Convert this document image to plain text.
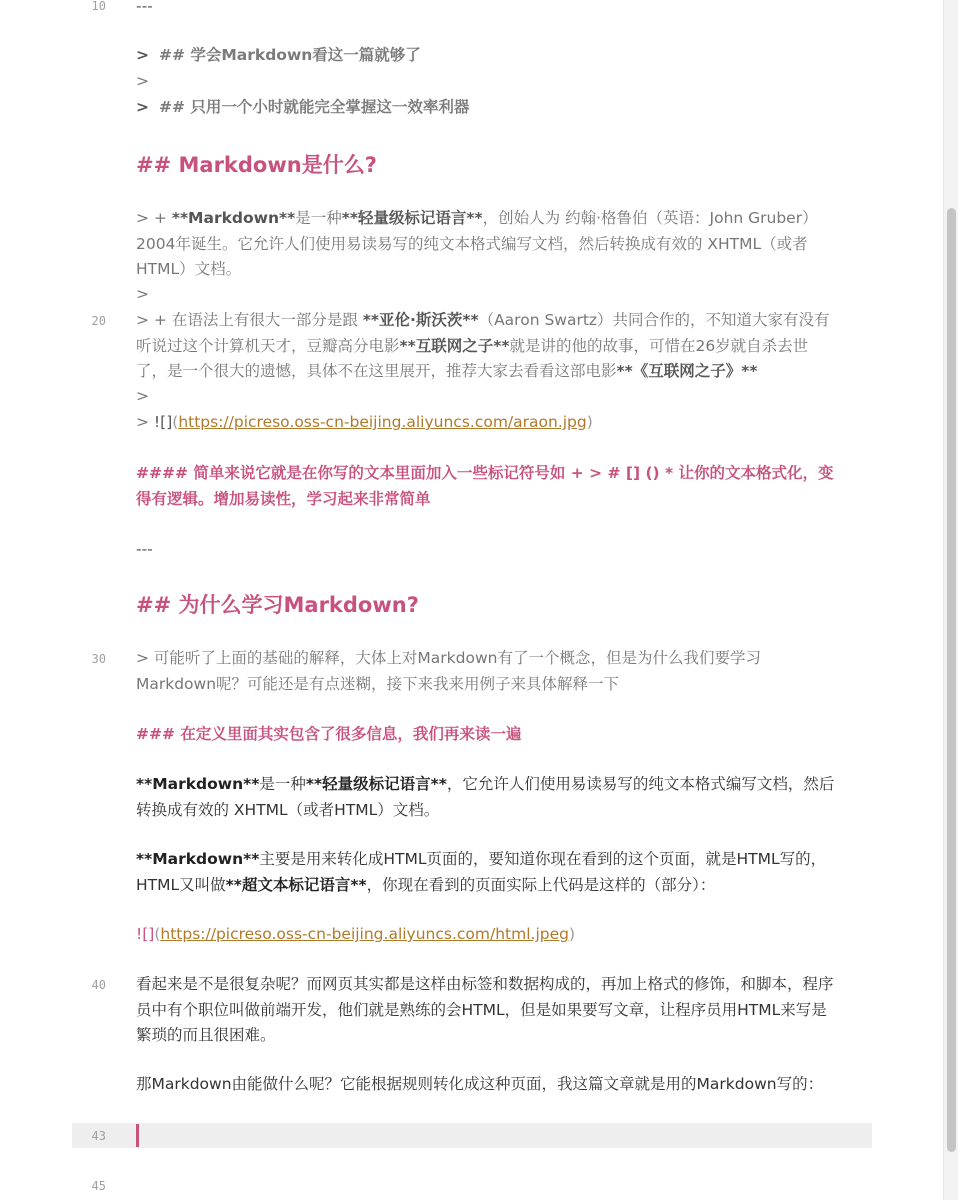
10 ---
> ## 学会Markdown看这一篇就够了
>
> ## 只用一个小时就能完全掌握这一效率利器
## Markdown是什么?
> + **Markdown**是一种**轻量级标记语言**，创始人为 约翰·格鲁伯（英语：John Gruber）2004年诞生。它允许人们使用易读易写的纯文本格式编写文档，然后转换成有效的 XHTML（或者HTML）文档。
>
20 > + 在语法上有很大一部分是跟 **亚伦·斯沃茨**（Aaron Swartz）共同合作的，不知道大家有没有听说过这个计算机天才，豆瓣高分电影**互联网之子**就是讲的他的故事，可惜在26岁就自杀去世了，是一个很大的遗憾，具体不在这里展开，推荐大家去看看这部电影**《互联网之子》**
>
> ![](https://picreso.oss-cn-beijing.aliyuncs.com/araon.jpg)
#### 简单来说它就是在你写的文本里面加入一些标记符号如 + > # [] () * 让你的文本格式化，变得有逻辑。增加易读性，学习起来非常简单
---
## 为什么学习Markdown?
30 > 可能听了上面的基础的解释，大体上对Markdown有了一个概念，但是为什么我们要学习Markdown呢？可能还是有点迷糊，接下来我来用例子来具体解释一下
### 在定义里面其实包含了很多信息，我们再来读一遍
**Markdown**是一种**轻量级标记语言**，它允许人们使用易读易写的纯文本格式编写文档，然后转换成有效的 XHTML（或者HTML）文档。
**Markdown**主要是用来转化成HTML页面的，要知道你现在看到的这个页面，就是HTML写的，HTML又叫做**超文本标记语言**，你现在看到的页面实际上代码是这样的（部分）：
![](https://picreso.oss-cn-beijing.aliyuncs.com/html.jpeg)
40 看起来是不是很复杂呢？而网页其实都是这样由标签和数据构成的，再加上格式的修饰，和脚本，程序员中有个职位叫做前端开发，他们就是熟练的会HTML，但是如果要写文章，让程序员用HTML来写是繁琐的而且很困难。
那Markdown由能做什么呢？它能根据规则转化成这种页面，我这篇文章就是用的Markdown写的：
43
45
